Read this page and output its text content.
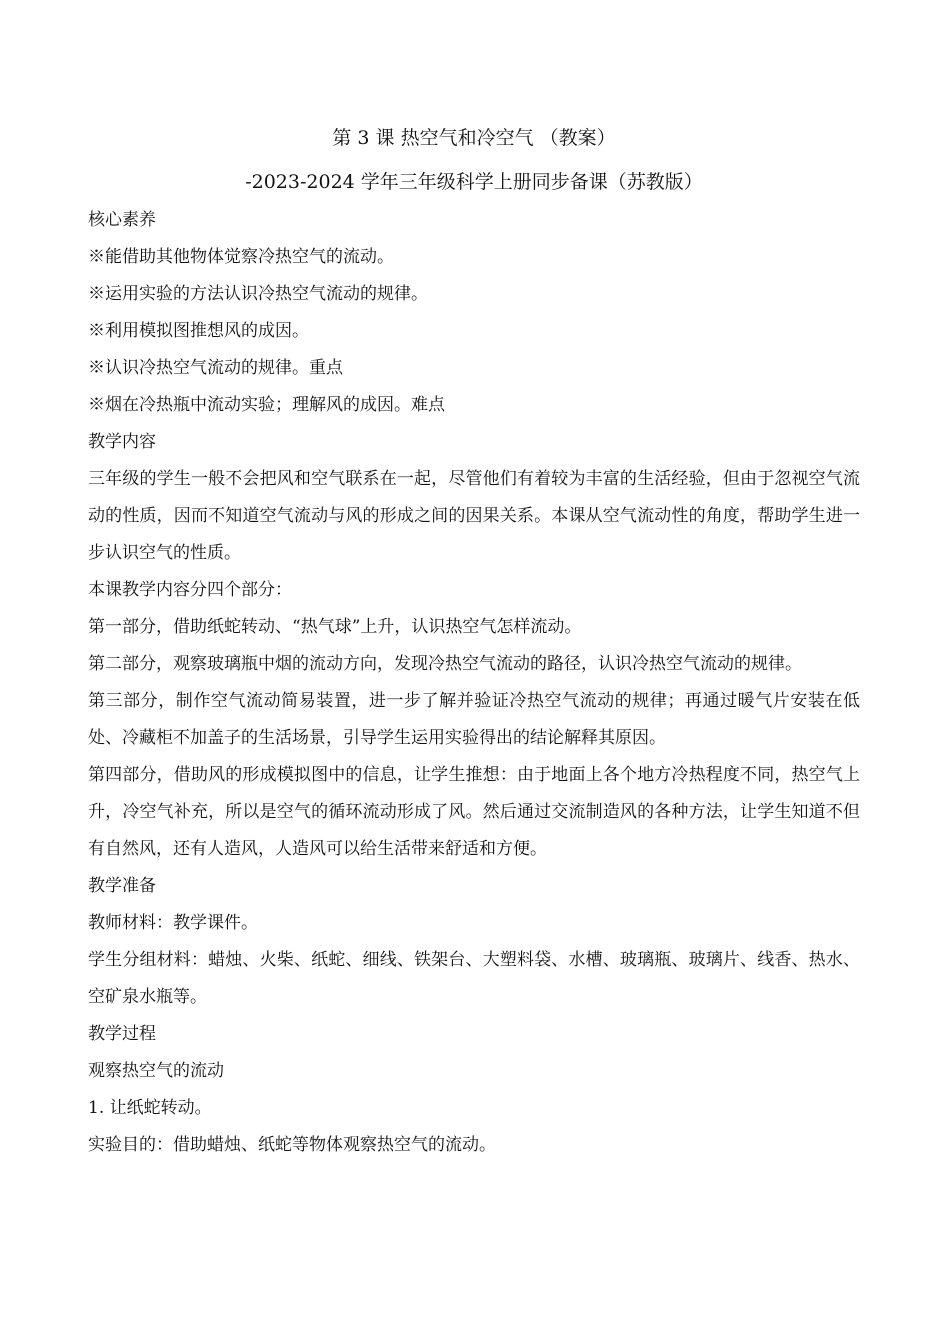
第 3 课 热空气和冷空气 （教案）
-2023-2024 学年三年级科学上册同步备课（苏教版）

核心素养

※能借助其他物体觉察冷热空气的流动。

※运用实验的方法认识冷热空气流动的规律。

※利用模拟图推想风的成因。

※认识冷热空气流动的规律。重点

※烟在冷热瓶中流动实验；理解风的成因。难点

教学内容

三年级的学生一般不会把风和空气联系在一起，尽管他们有着较为丰富的生活经验，但由于忽视空气流动的性质，因而不知道空气流动与风的形成之间的因果关系。本课从空气流动性的角度，帮助学生进一步认识空气的性质。

本课教学内容分四个部分：

第一部分，借助纸蛇转动、“热气球”上升，认识热空气怎样流动。

第二部分，观察玻璃瓶中烟的流动方向，发现冷热空气流动的路径，认识冷热空气流动的规律。

第三部分，制作空气流动简易装置，进一步了解并验证冷热空气流动的规律；再通过暖气片安装在低处、冷藏柜不加盖子的生活场景，引导学生运用实验得出的结论解释其原因。

第四部分，借助风的形成模拟图中的信息，让学生推想：由于地面上各个地方冷热程度不同，热空气上升，冷空气补充，所以是空气的循环流动形成了风。然后通过交流制造风的各种方法，让学生知道不但有自然风，还有人造风，人造风可以给生活带来舒适和方便。

教学准备

教师材料：教学课件。

学生分组材料：蜡烛、火柴、纸蛇、细线、铁架台、大塑料袋、水槽、玻璃瓶、玻璃片、线香、热水、空矿泉水瓶等。

教学过程

观察热空气的流动

1. 让纸蛇转动。

实验目的：借助蜡烛、纸蛇等物体观察热空气的流动。
